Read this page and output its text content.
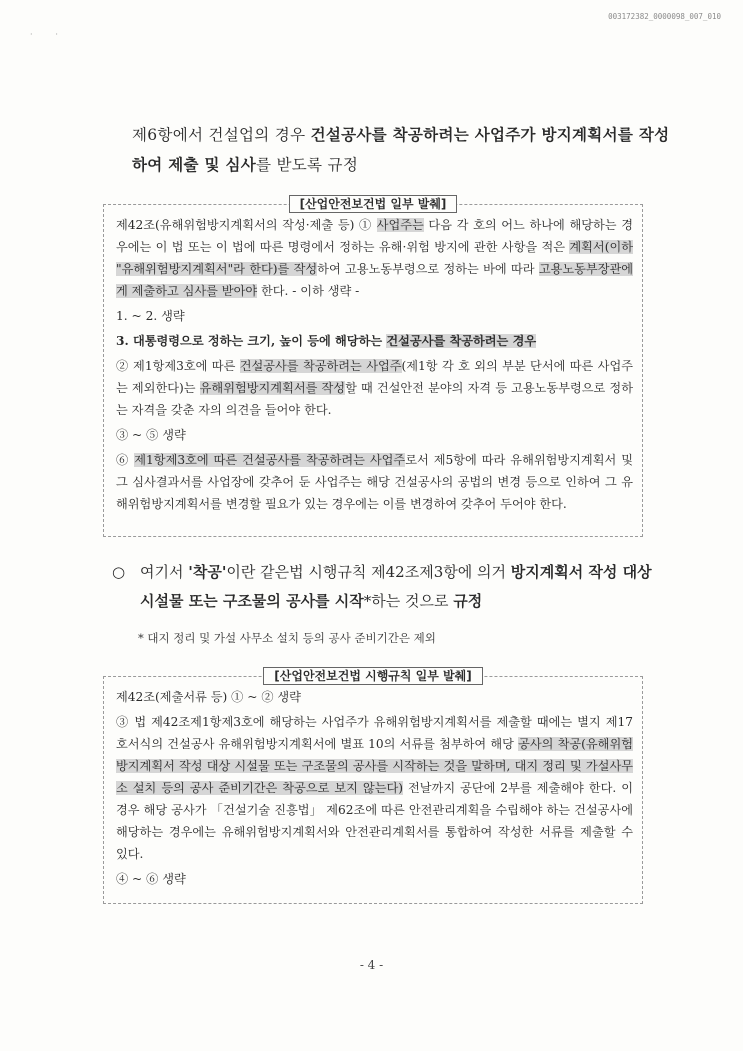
003172382_0000098_007_010
·         ·
제6항에서 건설업의 경우 건설공사를 착공하려는 사업주가 방지계획서를 작성하여 제출 및 심사를 받도록 규정
[산업안전보건법 일부 발췌]

제42조(유해위험방지계획서의 작성·제출 등) ① 사업주는 다음 각 호의 어느 하나에 해당하는 경우에는 이 법 또는 이 법에 따른 명령에서 정하는 유해·위험 방지에 관한 사항을 적은 계획서(이하 "유해위험방지계획서"라 한다)를 작성하여 고용노동부령으로 정하는 바에 따라 고용노동부장관에게 제출하고 심사를 받아야 한다. - 이하 생략 -

1. ~ 2. 생략

3. 대통령령으로 정하는 크기, 높이 등에 해당하는 건설공사를 착공하려는 경우

② 제1항제3호에 따른 건설공사를 착공하려는 사업주(제1항 각 호 외의 부분 단서에 따른 사업주는 제외한다)는 유해위험방지계획서를 작성할 때 건설안전 분야의 자격 등 고용노동부령으로 정하는 자격을 갖춘 자의 의견을 들어야 한다.

③ ~ ⑤ 생략

⑥ 제1항제3호에 따른 건설공사를 착공하려는 사업주로서 제5항에 따라 유해위험방지계획서 및 그 심사결과서를 사업장에 갖추어 둔 사업주는 해당 건설공사의 공법의 변경 등으로 인하여 그 유해위험방지계획서를 변경할 필요가 있는 경우에는 이를 변경하여 갖추어 두어야 한다.

○ 여기서 '착공'이란 같은법 시행규칙 제42조제3항에 의거 방지계획서 작성 대상 시설물 또는 구조물의 공사를 시작*하는 것으로 규정
* 대지 정리 및 가설 사무소 설치 등의 공사 준비기간은 제외
[산업안전보건법 시행규칙 일부 발췌]

제42조(제출서류 등) ① ~ ② 생략

③ 법 제42조제1항제3호에 해당하는 사업주가 유해위험방지계획서를 제출할 때에는 별지 제17호서식의 건설공사 유해위험방지계획서에 별표 10의 서류를 첨부하여 해당 공사의 착공(유해위험방지계획서 작성 대상 시설물 또는 구조물의 공사를 시작하는 것을 말하며, 대지 정리 및 가설사무소 설치 등의 공사 준비기간은 착공으로 보지 않는다) 전날까지 공단에 2부를 제출해야 한다. 이 경우 해당 공사가 「건설기술 진흥법」 제62조에 따른 안전관리계획을 수립해야 하는 건설공사에 해당하는 경우에는 유해위험방지계획서와 안전관리계획서를 통합하여 작성한 서류를 제출할 수 있다.

④ ~ ⑥ 생략

- 4 -
